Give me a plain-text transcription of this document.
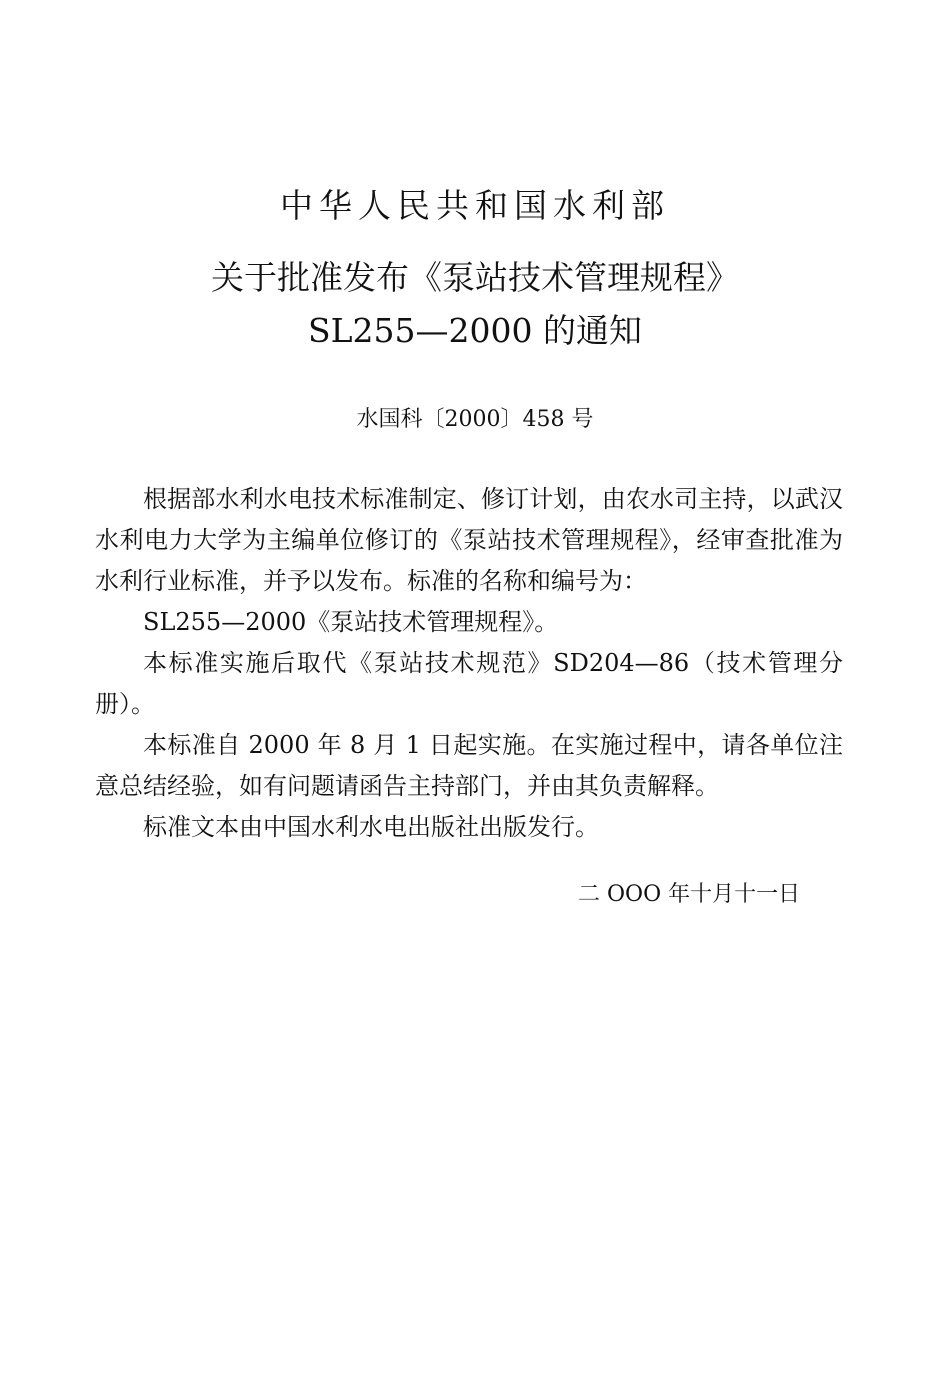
中华人民共和国水利部
关于批准发布《泵站技术管理规程》
SL255—2000 的通知
水国科〔2000〕458 号

根据部水利水电技术标准制定、修订计划，由农水司主持，以武汉水利电力大学为主编单位修订的《泵站技术管理规程》，经审查批准为水利行业标准，并予以发布。标准的名称和编号为：

SL255—2000《泵站技术管理规程》。

本标准实施后取代《泵站技术规范》SD204—86（技术管理分册）。

本标准自 2000 年 8 月 1 日起实施。在实施过程中，请各单位注意总结经验，如有问题请函告主持部门，并由其负责解释。

标准文本由中国水利水电出版社出版发行。

二 OOO 年十月十一日
